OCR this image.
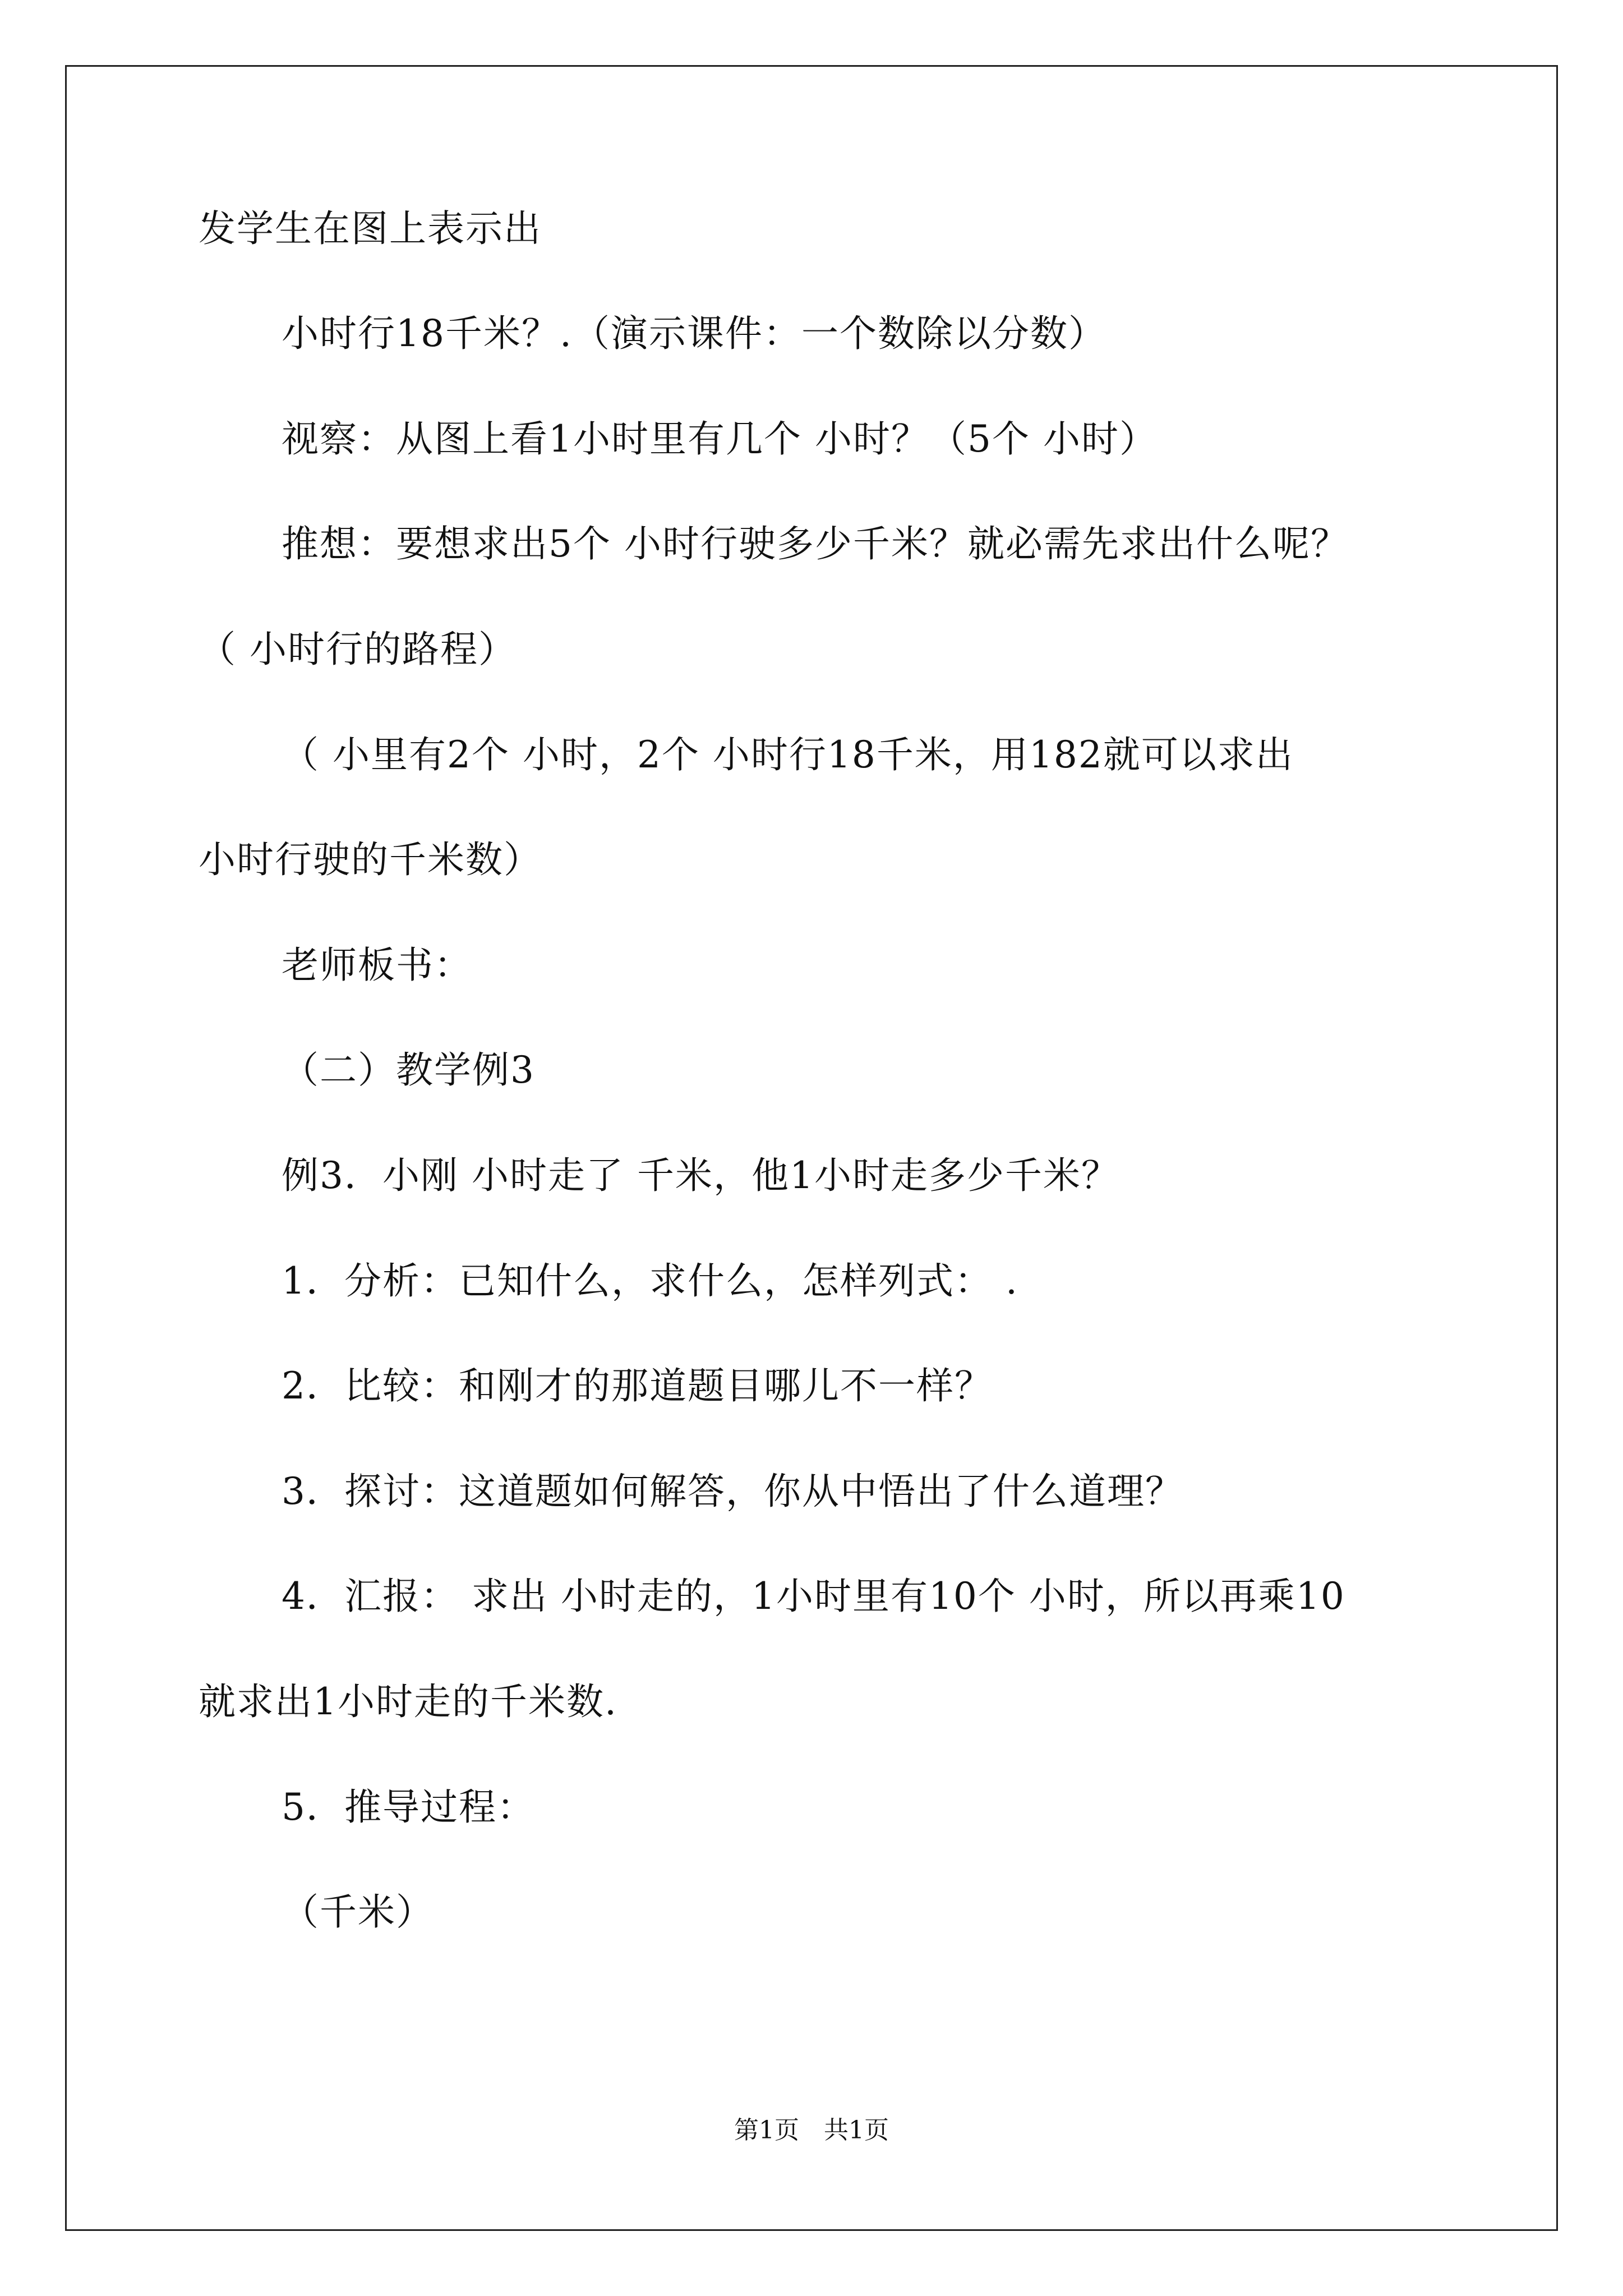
发学生在图上表示出
小时行18千米？.（演示课件：一个数除以分数）
视察：从图上看1小时里有几个 小时？（5个 小时）
推想：要想求出5个 小时行驶多少千米？就必需先求出什么呢？
（ 小时行的路程）
（ 小里有2个 小时，2个 小时行18千米，用182就可以求出
小时行驶的千米数）
老师板书：
（二）教学例3
例3．小刚 小时走了 千米，他1小时走多少千米？
1．分析：已知什么，求什么，怎样列式： .
2．比较：和刚才的那道题目哪儿不一样？
3．探讨：这道题如何解答，你从中悟出了什么道理？
4．汇报： 求出 小时走的，1小时里有10个 小时，所以再乘10
就求出1小时走的千米数.
5．推导过程：
（千米）
第1页 共1页
